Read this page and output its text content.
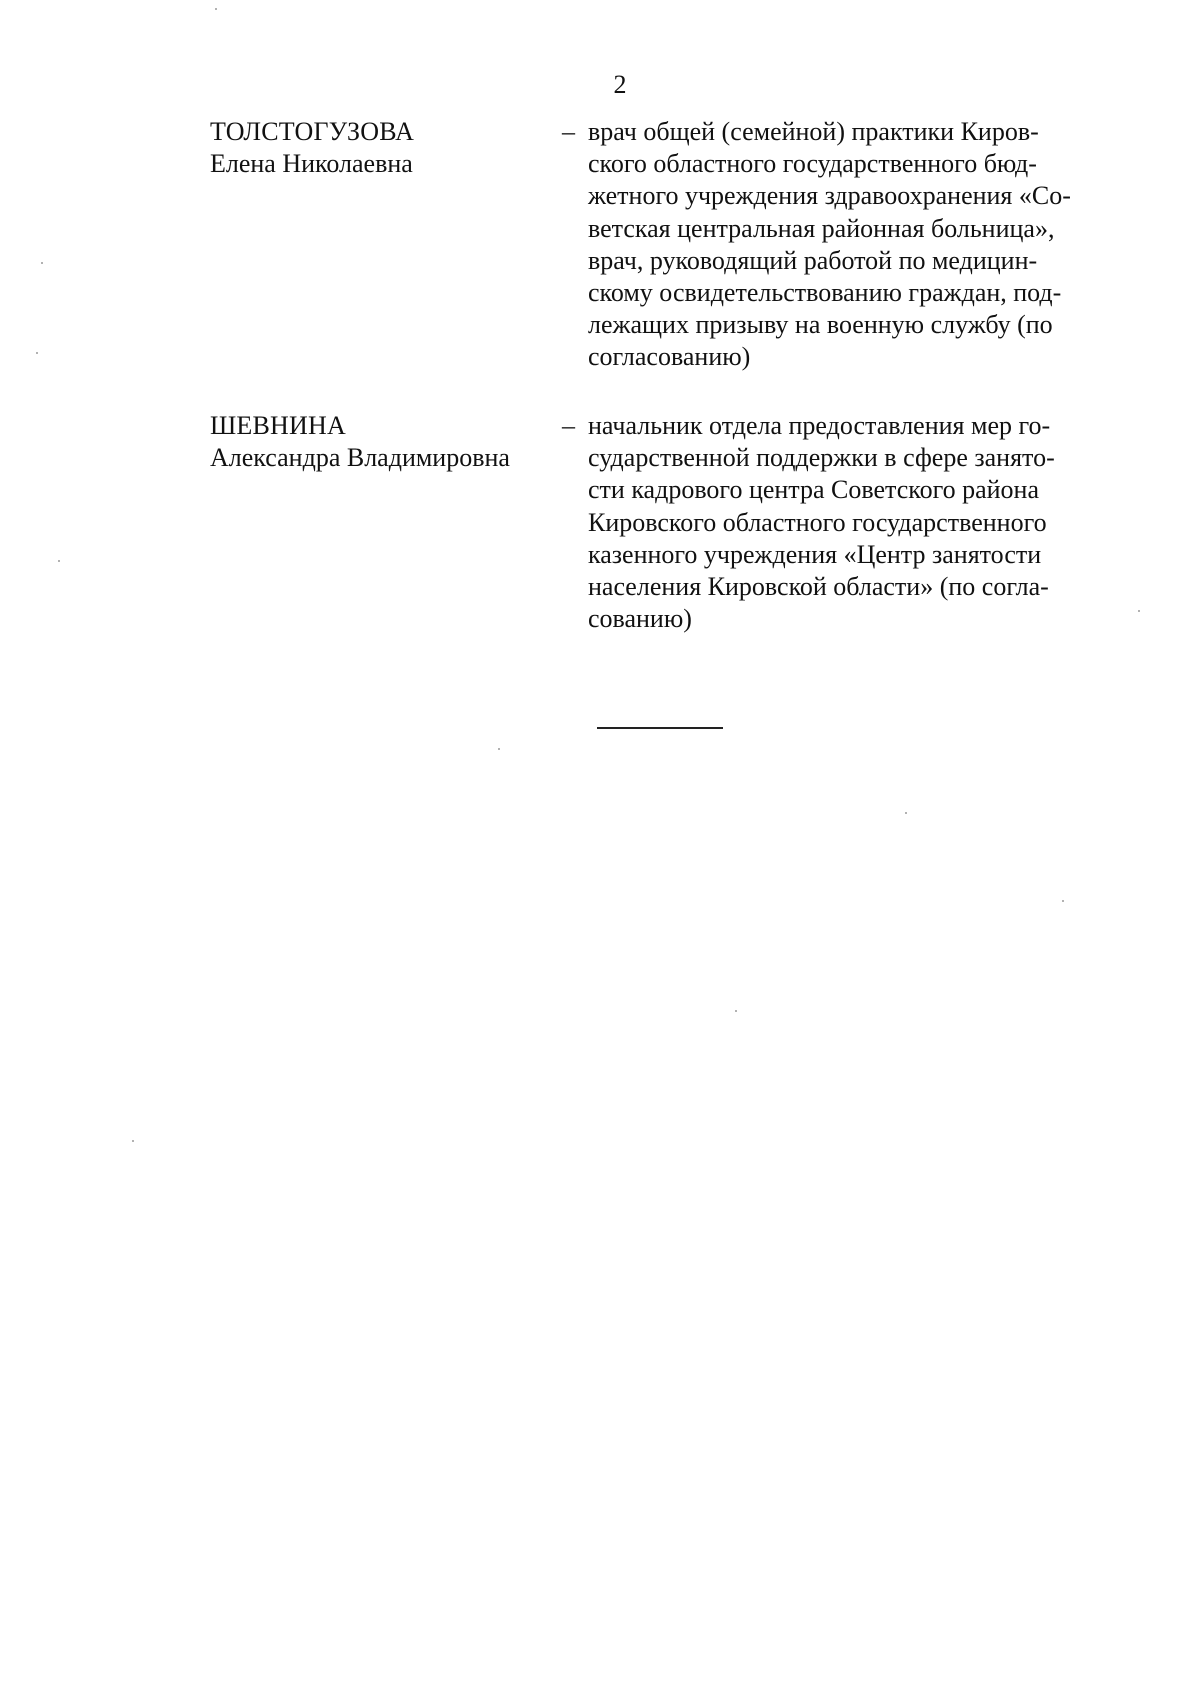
2
ТОЛСТОГУЗОВА
Елена Николаевна
– врач общей (семейной) практики Киров-
ского областного государственного бюд-
жетного учреждения здравоохранения «Со-
ветская центральная районная больница»,
врач, руководящий работой по медицин-
скому освидетельствованию граждан, под-
лежащих призыву на военную службу (по
согласованию)
ШЕВНИНА
Александра Владимировна
– начальник отдела предоставления мер го-
сударственной поддержки в сфере занято-
сти кадрового центра Советского района
Кировского областного государственного
казенного учреждения «Центр занятости
населения Кировской области» (по согла-
сованию)
